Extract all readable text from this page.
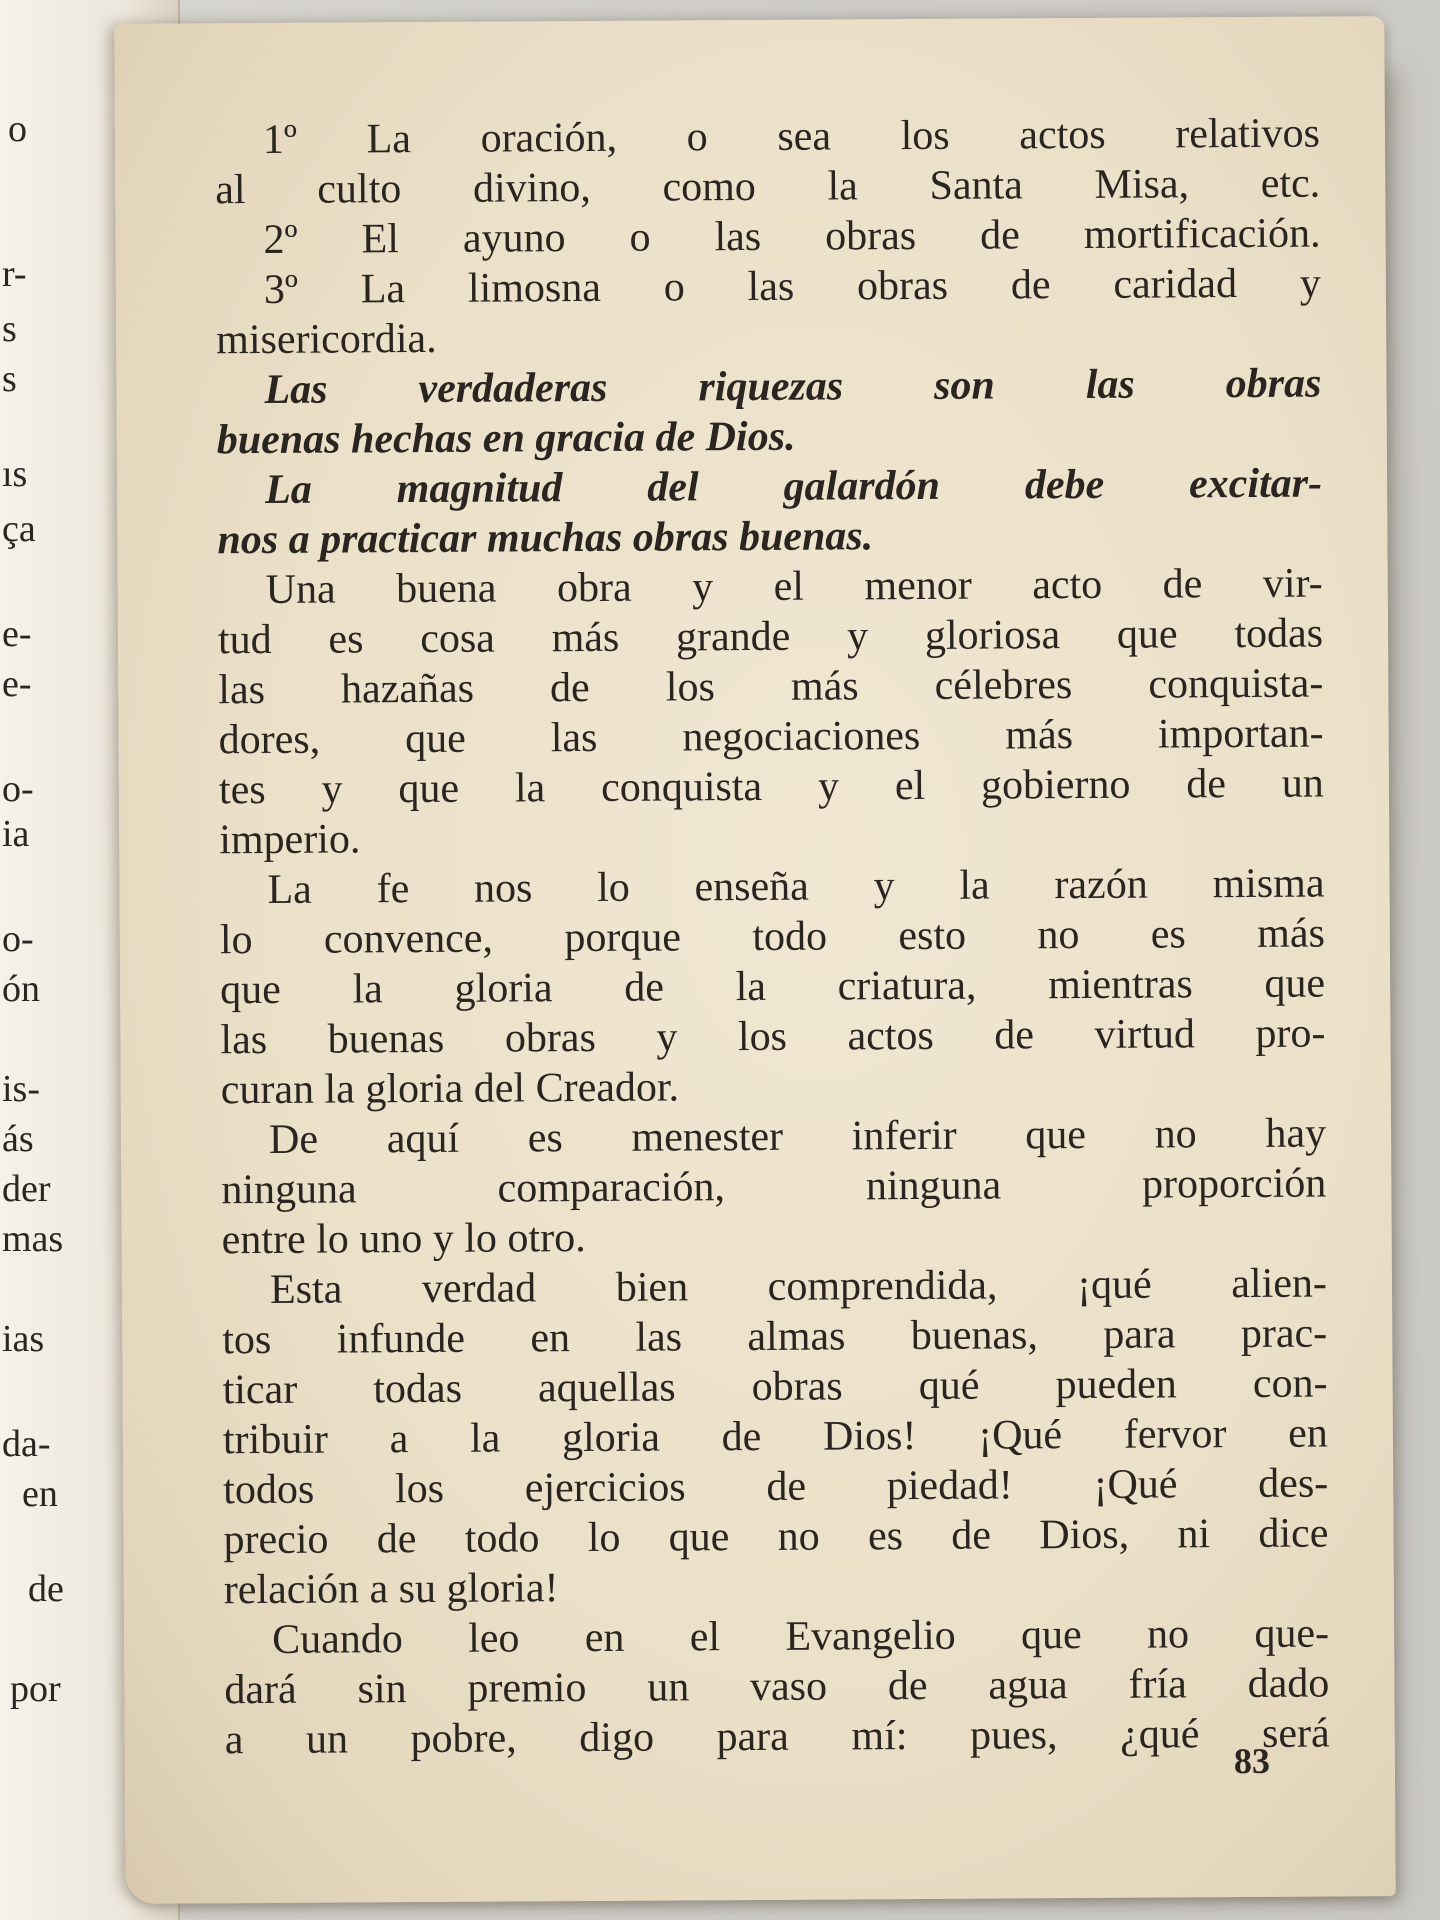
o
r-
s
s
ıs
ça
e-
e-
o-
ia
o-
ón
is-
ás
der
mas
ias
da-
en
de
por
1º La oración, o sea los actos relativos
al culto divino, como la Santa Misa, etc.
2º El ayuno o las obras de mortificación.
3º La limosna o las obras de caridad y
misericordia.
Las verdaderas riquezas son las obras
buenas hechas en gracia de Dios.
La magnitud del galardón debe excitar-
nos a practicar muchas obras buenas.
Una buena obra y el menor acto de vir-
tud es cosa más grande y gloriosa que todas
las hazañas de los más célebres conquista-
dores, que las negociaciones más importan-
tes y que la conquista y el gobierno de un
imperio.
La fe nos lo enseña y la razón misma
lo convence, porque todo esto no es más
que la gloria de la criatura, mientras que
las buenas obras y los actos de virtud pro-
curan la gloria del Creador.
De aquí es menester inferir que no hay
ninguna	comparación,	ninguna	proporción
entre lo uno y lo otro.
Esta verdad bien comprendida, ¡qué alien-
tos infunde en las almas buenas, para prac-
ticar todas aquellas obras qué pueden con-
tribuir a la gloria de Dios! ¡Qué fervor en
todos los ejercicios de piedad! ¡Qué des-
precio de todo lo que no es de Dios, ni dice
relación a su gloria!
Cuando leo en el Evangelio que no que-
dará sin premio un vaso de agua fría dado
a un pobre, digo para mí: pues, ¿qué será
83
